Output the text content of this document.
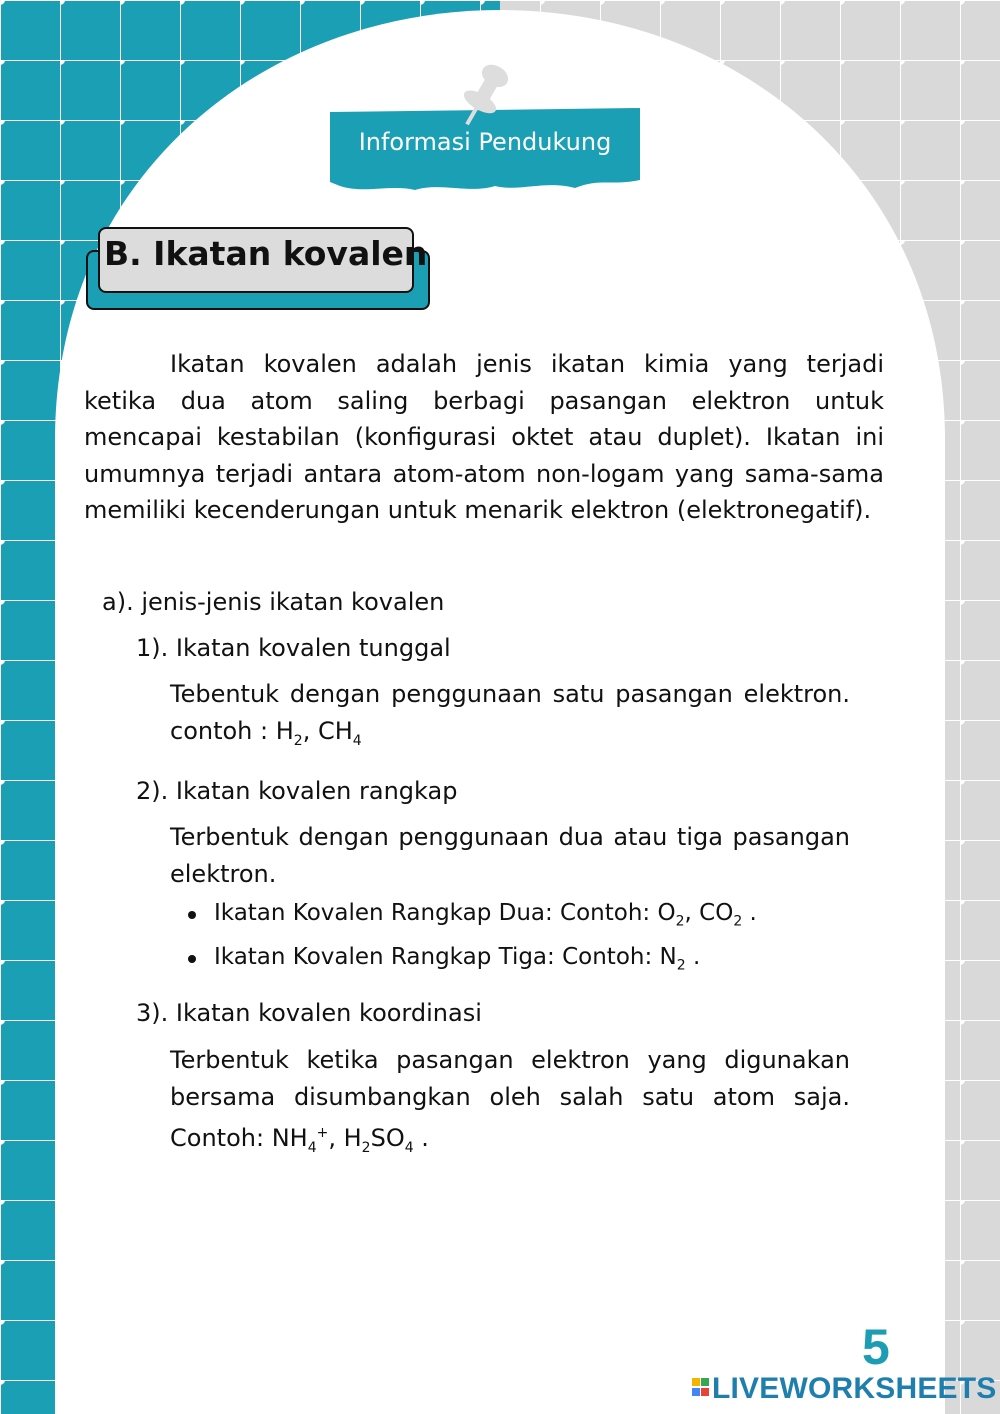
Informasi Pendukung
B. Ikatan kovalen
Ikatan kovalen adalah jenis ikatan kimia yang terjadi ketika dua atom saling berbagi pasangan elektron untuk mencapai kestabilan (konfigurasi oktet atau duplet). Ikatan ini umumnya terjadi antara atom-atom non-logam yang sama-sama memiliki kecenderungan untuk menarik elektron (elektronegatif).
a). jenis-jenis ikatan kovalen
1). Ikatan kovalen tunggal
Tebentuk dengan penggunaan satu pasangan elektron. contoh : $H_2$, $CH_4$
2). Ikatan kovalen rangkap
Terbentuk dengan penggunaan dua atau tiga pasangan elektron.
Ikatan Kovalen Rangkap Dua: Contoh: $O_2$, $CO_2$ .
Ikatan Kovalen Rangkap Tiga: Contoh: $N_2$ .
3). Ikatan kovalen koordinasi
Terbentuk ketika pasangan elektron yang digunakan bersama disumbangkan oleh salah satu atom saja. Contoh: $NH_4^+$, $H_2SO_4$ .
5
LIVEWORKSHEETS
